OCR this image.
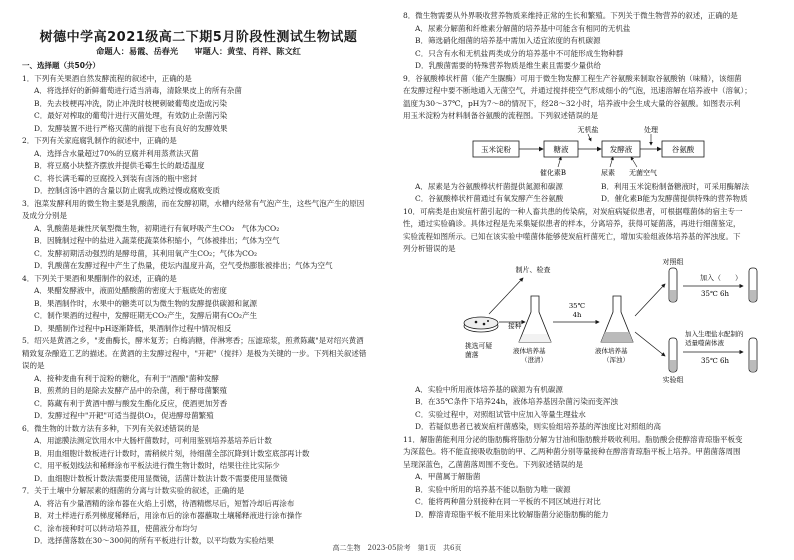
树德中学高2021级高二下期5月阶段性测试生物试题
命题人：易霞、岳春光　　审题人：黄莹、肖祥、陈文红
一、选择题（共50分）
1．下列有关果酒自然发酵流程的叙述中，正确的是
A．将选择好的新鲜葡萄进行适当消毒，清除果皮上的所有杂菌
B．先去枝梗再冲洗，防止冲洗时枝梗刺破葡萄皮造成污染
C．最好对榨取的葡萄汁进行灭菌处理，有效防止杂菌污染
D．发酵装置不进行严格灭菌的前提下也有良好的发酵效果
2．下列有关家庭腐乳制作的叙述中，正确的是
A．选择含水量超过70%的豆腐并利用蒸煮法灭菌
B．将豆腐小块整齐摆放并提供毛霉生长的最适温度
C．将长满毛霉的豆腐投入到装有卤汤的瓶中密封
D．控制卤汤中酒的含量以防止腐乳成熟过慢或腐败变质
3．泡菜发酵利用的微生物主要是乳酸菌，而在发酵初期，水槽内经常有气泡产生，这些气泡产生的原因
及成分分别是
A．乳酸菌是兼性厌氧型微生物，初期进行有氧呼吸产生CO₂　气体为CO₂
B．因腌制过程中的盐进入蔬菜使蔬菜体积缩小，气体被排出；气体为空气
C．发酵初期活动强烈的是酵母菌，其利用氧产生CO₂；气体为CO₂
D．乳酸菌在发酵过程中产生了热量，使坛内温度升高，空气受热膨胀被排出；气体为空气
4．下列关于果酒和果醋制作的叙述，正确的是
A．果醋发酵液中，液面处醋酸菌的密度大于瓶底处的密度
B．果酒制作时，水果中的糖类可以为微生物的发酵提供碳源和氮源
C．制作果酒的过程中，发酵旺期无CO₂产生，发酵后期有CO₂产生
D．果醋制作过程中pH逐渐降低，果酒制作过程中情况相反
5．绍兴是黄酒之乡，"麦曲酶长，酵米复芳；白梅消糖，伴淋寒香；压滤琼浆，煎煮陈藏"是对绍兴黄酒
精致复杂酿造工艺的描述。在黄酒的主发酵过程中，"开耙"（搅拌）是极为关键的一步。下列相关叙述错
误的是
A．接种麦曲有利于淀粉的糖化，有利于"酒酿"菌种发酵
B．煎煮的目的是除去发酵产品中的杂菌，利于酵母菌繁殖
C．陈藏有利于黄酒中醇与酸发生酯化反应，使酒更加芳香
D．发酵过程中"开耙"可适当提供O₂，促进酵母菌繁殖
6．微生物的计数方法有多种，下列有关叙述错误的是
A．用滤膜法测定饮用水中大肠杆菌数时，可利用鉴别培养基培养后计数
B．用血细胞计数板进行计数时，需稍候片刻，待细菌全部沉降到计数室底部再计数
C．用平板划线法和稀释涂布平板法进行微生物计数时，结果往往比实际少
D．血细胞计数板计数法需要使用显微镜，活菌计数法计数不需要使用显微镜
7．关于土壤中分解尿素的细菌的分离与计数实验的叙述，正确的是
A．将沾有少量酒精的涂布器在火焰上引燃，待酒精燃尽后，短暂冷却后再涂布
B．对土样进行系列梯度稀释后，用涂布后的涂布器蘸取土壤稀释液进行涂布操作
C．涂布接种时可以转动培养皿，使菌液分布均匀
D．选择菌落数在30～300间的所有平板进行计数，以平均数为实验结果
8．微生物需要从外界吸收营养物质来维持正常的生长和繁殖。下列关于微生物营养的叙述，正确的是
A．尿素分解菌和纤维素分解菌的培养基中可能含有相同的无机盐
B．筛选硝化细菌的培养基中需加入适宜浓度的有机碳源
C．只含有水和无机盐两类成分的培养基中不可能形成生物种群
D．乳酸菌需要的特殊营养物质是维生素且需要少量供给
9．谷氨酸棒状杆菌（能产生脲酶）可用于微生物发酵工程生产谷氨酸来制取谷氨酸钠（味精），该细菌
在发酵过程中要不断地通入无菌空气，并通过搅拌使空气形成细小的气泡，迅速溶解在培养液中（溶氧）；
温度为30～37℃，pH为7～8的情况下，经28～32小时，培养液中会生成大量的谷氨酸。如图表示利
用玉米淀粉为材料制备谷氨酸的流程图。下列叙述错误的是
玉米淀粉	糖液	发酵液	谷氨酸
无机盐	处理
催化素B	尿素 无菌空气
A．尿素是为谷氨酸棒状杆菌提供氮源和碳源	B．利用玉米淀粉制备糖液时，可采用酶解法
C．谷氨酸棒状杆菌通过有氧发酵产生谷氨酸	D．催化素B能为发酵菌提供特殊的营养物质
10．可病类是由炭疽杆菌引起的一种人畜共患的传染病，对炭疽病疑似患者，可根据噬菌体的宿主专一
性，通过实验确诊。具体过程是先采集疑似患者的样本，分离培养，获得可疑菌落，再进行细菌鉴定，
实验流程如图所示。已知在该实验中噬菌体能够使炭疽杆菌死亡，增加实验组液体培养基的浑浊度。下
列分析错误的是
挑选可疑
菌落
制片、检查
接种
液体培养基
（澄清）
35℃
4h
液体培养基
（浑浊）
对照组
加入（　　）
35℃ 6h
实验组
加入生理盐水配制的
适量噬菌体液
35℃ 6h
A．实验中所用液体培养基的碳源为有机碳源
B．在35℃条件下培养24h，液体培养基因杂菌污染而变浑浊
C．实验过程中，对照组试管中应加入等量生理盐水
D．若疑似患者已被炭疽杆菌感染，则实验组培养基的浑浊度比对照组的高
11．解脂菌能利用分泌的脂肪酶将脂肪分解为甘油和脂肪酸并吸收利用。脂肪酸会使醇溶青琼脂平板变
为深蓝色。将不能直接吸收脂肪的甲、乙两种菌分别等量接种在醇溶青琼脂平板上培养。甲菌菌落周围
呈现深蓝色，乙菌菌落周围不变色。下列叙述错误的是
A．甲菌属于解脂菌
B．实验中所用的培养基不能以脂肪为唯一碳源
C．能将两种菌分别接种在同一平板的不同区域进行对比
D．醇溶青琼脂平板不能用来比较解脂菌分泌脂肪酶的能力
高二生物　2023-05阶考　第1页　共6页
